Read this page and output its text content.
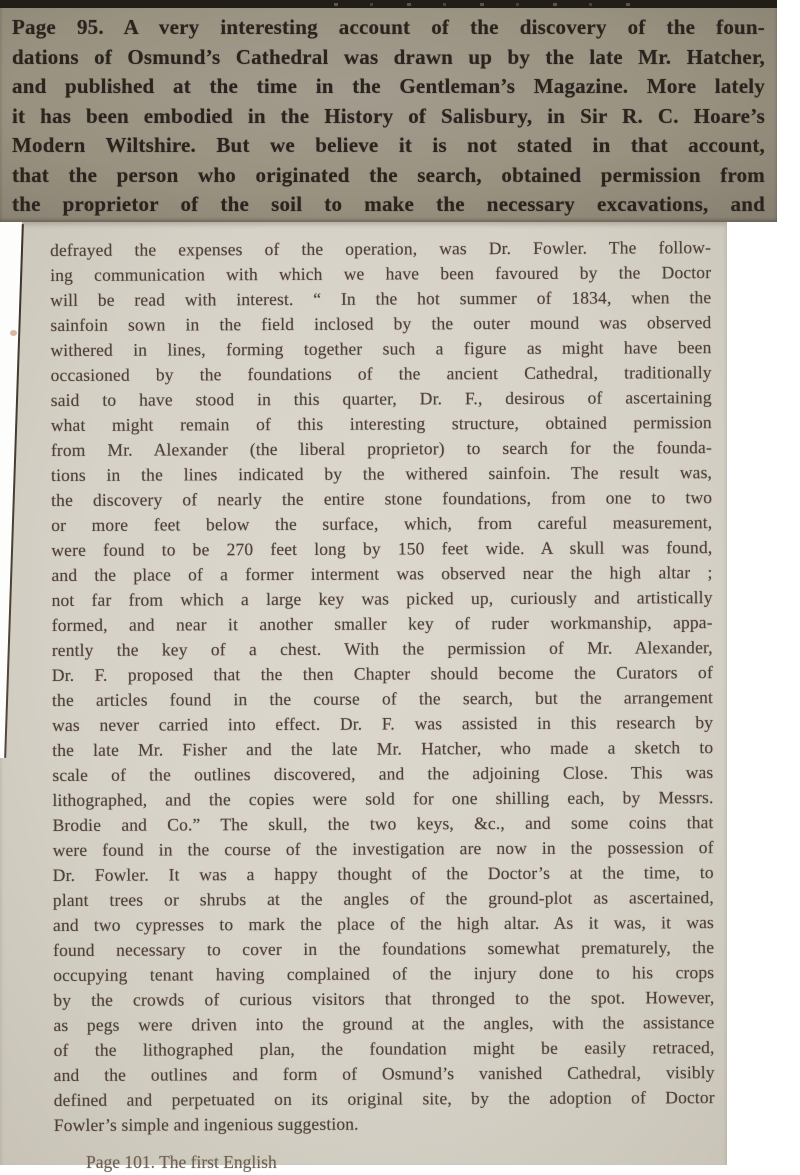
Page 95. A very interesting account of the discovery of the foun-
dations of Osmund’s Cathedral was drawn up by the late Mr. Hatcher,
and published at the time in the Gentleman’s Magazine. More lately
it has been embodied in the History of Salisbury, in Sir R. C. Hoare’s
Modern Wiltshire. But we believe it is not stated in that account,
that the person who originated the search, obtained permission from
the proprietor of the soil to make the necessary excavations, and
defrayed the expenses of the operation, was Dr. Fowler. The follow-
ing communication with which we have been favoured by the Doctor
will be read with interest. “ In the hot summer of 1834, when the
sainfoin sown in the field inclosed by the outer mound was observed
withered in lines, forming together such a figure as might have been
occasioned by the foundations of the ancient Cathedral, traditionally
said to have stood in this quarter, Dr. F., desirous of ascertaining
what might remain of this interesting structure, obtained permission
from Mr. Alexander (the liberal proprietor) to search for the founda-
tions in the lines indicated by the withered sainfoin. The result was,
the discovery of nearly the entire stone foundations, from one to two
or more feet below the surface, which, from careful measurement,
were found to be 270 feet long by 150 feet wide. A skull was found,
and the place of a former interment was observed near the high altar ;
not far from which a large key was picked up, curiously and artistically
formed, and near it another smaller key of ruder workmanship, appa-
rently the key of a chest. With the permission of Mr. Alexander,
Dr. F. proposed that the then Chapter should become the Curators of
the articles found in the course of the search, but the arrangement
was never carried into effect. Dr. F. was assisted in this research by
the late Mr. Fisher and the late Mr. Hatcher, who made a sketch to
scale of the outlines discovered, and the adjoining Close. This was
lithographed, and the copies were sold for one shilling each, by Messrs.
Brodie and Co.” The skull, the two keys, &c., and some coins that
were found in the course of the investigation are now in the possession of
Dr. Fowler. It was a happy thought of the Doctor’s at the time, to
plant trees or shrubs at the angles of the ground-plot as ascertained,
and two cypresses to mark the place of the high altar. As it was, it was
found necessary to cover in the foundations somewhat prematurely, the
occupying tenant having complained of the injury done to his crops
by the crowds of curious visitors that thronged to the spot. However,
as pegs were driven into the ground at the angles, with the assistance
of the lithographed plan, the foundation might be easily retraced,
and the outlines and form of Osmund’s vanished Cathedral, visibly
defined and perpetuated on its original site, by the adoption of Doctor
Fowler’s simple and ingenious suggestion.
Page 101. The first English
